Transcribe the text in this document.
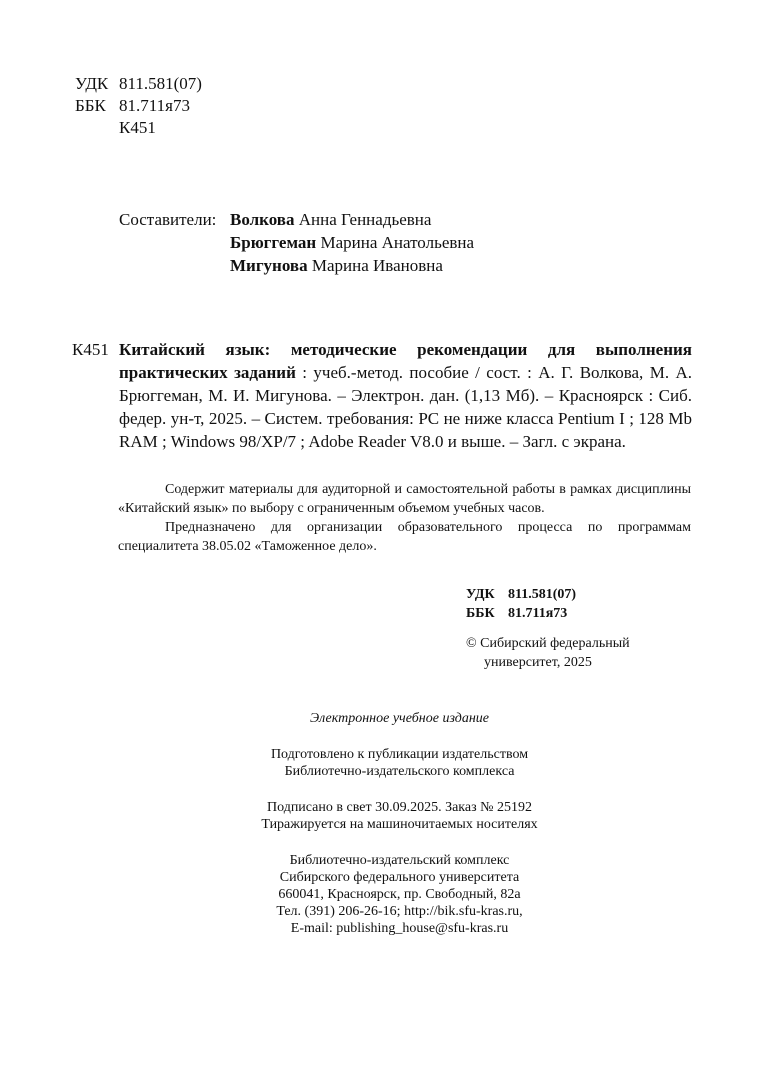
УДК 811.581(07)
ББК 81.711я73
К451
Составители: Волкова Анна Геннадьевна
Брюггеман Марина Анатольевна
Мигунова Марина Ивановна
К451 Китайский язык: методические рекомендации для выполнения практических заданий : учеб.-метод. пособие / сост. : А. Г. Волкова, М. А. Брюггеман, М. И. Мигунова. – Электрон. дан. (1,13 Мб). – Красноярск : Сиб. федер. ун-т, 2025. – Систем. требования: PC не ниже класса Pentium I ; 128 Mb RAM ; Windows 98/XP/7 ; Adobe Reader V8.0 и выше. – Загл. с экрана.

Содержит материалы для аудиторной и самостоятельной работы в рамках дисциплины «Китайский язык» по выбору с ограниченным объемом учебных часов.

Предназначено для организации образовательного процесса по программам специалитета 38.05.02 «Таможенное дело».

УДК 811.581(07)
ББК 81.711я73
© Сибирский федеральный
университет, 2025
Электронное учебное издание
Подготовлено к публикации издательством
Библиотечно-издательского комплекса
Подписано в свет 30.09.2025. Заказ № 25192
Тиражируется на машиночитаемых носителях
Библиотечно-издательский комплекс
Сибирского федерального университета
660041, Красноярск, пр. Свободный, 82а
Тел. (391) 206-26-16; http://bik.sfu-kras.ru,
E-mail: publishing_house@sfu-kras.ru
